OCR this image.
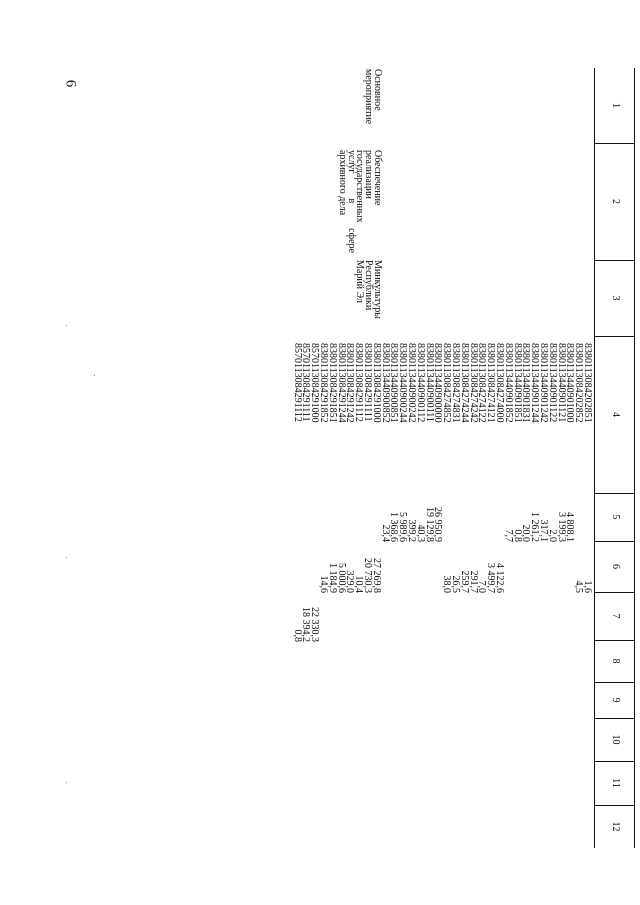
6
1
2
3
4
5
6
7
8
9
10
11
12
Основное
мероприятие
Обеспечение
реализации
государственных
услуг в сфере
архивного дела
Минкультуры
Республики
Марий Эл
8380113084202851
8380113084202852
8380113440901000
8380113440901121
8380113440901122
8380113440901242
8380113440901244
8380113440901831
8380113440901851
8380113440901852
8380113084274000
8380113084274121
8380113084274122
8380113084274242
8380113084274244
8380113084274831
8380113084274852
8380113440900000
8380113440900111
8380113440900112
8380113440900242
8380113440900244
8380113440900851
8380113440900852
8380113084291000
8380113084291111
8380113084291112
8380113084291242
8380113084291244
8380113084291851
8380113084291852
8570113084291000
8570113084291111
8570113084291112
4 808,1
3 199,3
2,0
317,1
1 261,2
20,0
0,8
7,7
26 950,9
19 129,8
40,3
399,2
5 989,6
1 368,6
23,4
1,6
4,5
4 122,6
3 499,7
7,0
291,7
259,7
26,5
38,0
27 269,8
20 730,3
10,4
329,0
5 000,6
1 184,9
14,6
22 330,3
18 394,2
0,8
